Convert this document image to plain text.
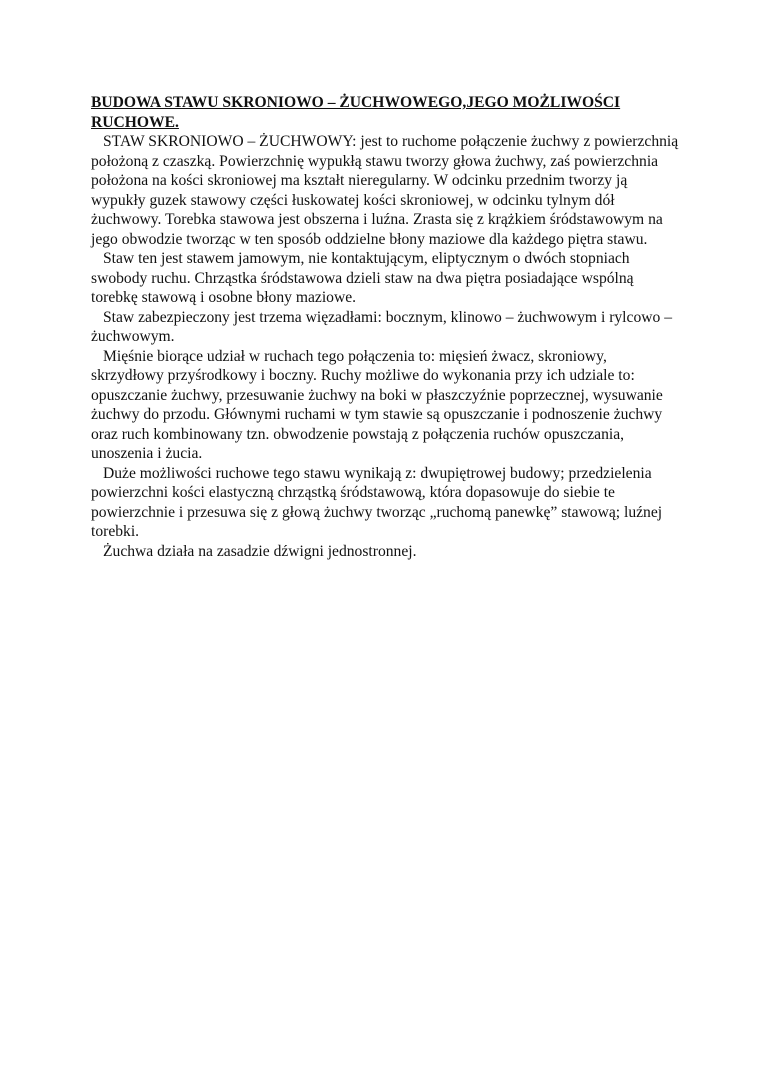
BUDOWA STAWU SKRONIOWO – ŻUCHWOWEGO,JEGO MOŻLIWOŚCI RUCHOWE.

STAW SKRONIOWO – ŻUCHWOWY: jest to ruchome połączenie żuchwy z powierzchnią położoną z czaszką. Powierzchnię wypukłą stawu tworzy głowa żuchwy, zaś powierzchnia położona na kości skroniowej ma kształt nieregularny. W odcinku przednim tworzy ją wypukły guzek stawowy części łuskowatej kości skroniowej, w odcinku tylnym dół żuchwowy. Torebka stawowa jest obszerna i luźna. Zrasta się z krążkiem śródstawowym na jego obwodzie tworząc w ten sposób oddzielne błony maziowe dla każdego piętra stawu.

Staw ten jest stawem jamowym, nie kontaktującym, eliptycznym o dwóch stopniach swobody ruchu. Chrząstka śródstawowa dzieli staw na dwa piętra posiadające wspólną torebkę stawową i osobne błony maziowe.

Staw zabezpieczony jest trzema więzadłami: bocznym, klinowo – żuchwowym i rylcowo – żuchwowym.

Mięśnie biorące udział w ruchach tego połączenia to: mięsień żwacz, skroniowy, skrzydłowy przyśrodkowy i boczny. Ruchy możliwe do wykonania przy ich udziale to: opuszczanie żuchwy, przesuwanie żuchwy na boki w płaszczyźnie poprzecznej, wysuwanie żuchwy do przodu. Głównymi ruchami w tym stawie są opuszczanie i podnoszenie żuchwy oraz ruch kombinowany tzn. obwodzenie powstają z połączenia ruchów opuszczania, unoszenia i żucia.

Duże możliwości ruchowe tego stawu wynikają z: dwupiętrowej budowy; przedzielenia powierzchni kości elastyczną chrząstką śródstawową, która dopasowuje do siebie te powierzchnie i przesuwa się z głową żuchwy tworząc „ruchomą panewkę” stawową; luźnej torebki.

Żuchwa działa na zasadzie dźwigni jednostronnej.
